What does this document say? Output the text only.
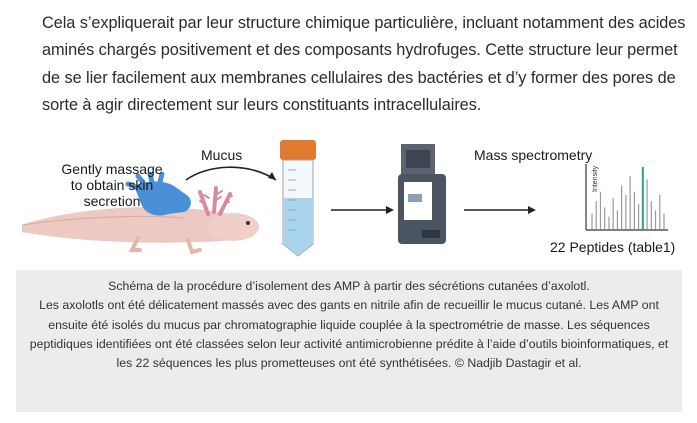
Cela s’expliquerait par leur structure chimique particulière, incluant notamment des acides aminés chargés positivement et des composants hydrofuges. Cette structure leur permet de se lier facilement aux membranes cellulaires des bactéries et d’y former des pores de sorte à agir directement sur leurs constituants intracellulaires.

Gently massage to obtain skin secretion
Mucus	Mass spectrometry
Intensity
22 Peptides (table1)

Schéma de la procédure d’isolement des AMP à partir des sécrétions cutanées d’axolotl.

Les axolotls ont été délicatement massés avec des gants en nitrile afin de recueillir le mucus cutané. Les AMP ont ensuite été isolés du mucus par chromatographie liquide couplée à la spectrométrie de masse. Les séquences peptidiques identifiées ont été classées selon leur activité antimicrobienne prédite à l’aide d’outils bioinformatiques, et les 22 séquences les plus prometteuses ont été synthétisées. © Nadjib Dastagir et al.
